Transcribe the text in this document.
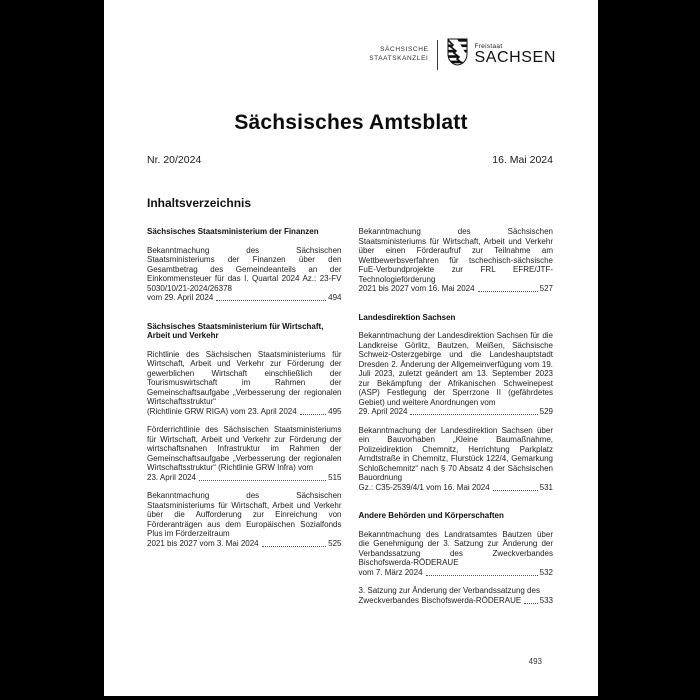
SÄCHSISCHE
STAATSKANZLEI
Freistaat
SACHSEN
Sächsisches Amtsblatt
Nr. 20/2024	16. Mai 2024
Inhaltsverzeichnis
Sächsisches Staatsministerium der Finanzen
Bekanntmachung des Sächsischen Staatsministeriums der Finanzen über den Gesamtbetrag des Gemeindeanteils an der Einkommensteuer für das I. Quartal 2024 Az.: 23-FV 5030/10/21-2024/26378
vom 29. April 2024	494
Sächsisches Staatsministerium für Wirtschaft, Arbeit und Verkehr
Richtlinie des Sächsischen Staatsministeriums für Wirtschaft, Arbeit und Verkehr zur Förderung der gewerblichen Wirtschaft einschließlich der Tourismuswirtschaft im Rahmen der Gemeinschaftsaufgabe „Verbesserung der regionalen Wirtschaftsstruktur“
(Richtlinie GRW RIGA) vom 23. April 2024	495
Förderrichtlinie des Sächsischen Staatsministeriums für Wirtschaft, Arbeit und Verkehr zur Förderung der wirtschaftsnahen Infrastruktur im Rahmen der Gemeinschaftsaufgabe „Verbesserung der regionalen Wirtschaftsstruktur“ (Richtlinie GRW Infra) vom
23. April 2024	515
Bekanntmachung des Sächsischen Staatsministeriums für Wirtschaft, Arbeit und Verkehr über die Aufforderung zur Einreichung von Förderanträgen aus dem Europäischen Sozialfonds Plus im Förderzeitraum
2021 bis 2027 vom 3. Mai 2024	525
Bekanntmachung des Sächsischen Staatsministeriums für Wirtschaft, Arbeit und Verkehr über einen Förderaufruf zur Teilnahme am Wettbewerbsverfahren für tschechisch-sächsische FuE-Verbundprojekte zur FRL EFRE/JTF-Technologieförderung
2021 bis 2027 vom 16. Mai 2024	527
Landesdirektion Sachsen
Bekanntmachung der Landesdirektion Sachsen für die Landkreise Görlitz, Bautzen, Meißen, Sächsische Schweiz-Osterzgebirge und die Landeshauptstadt Dresden 2. Änderung der Allgemeinverfügung vom 19. Juli 2023, zuletzt geändert am 13. September 2023 zur Bekämpfung der Afrikanischen Schweinepest (ASP) Festlegung der Sperrzone II (gefährdetes Gebiet) und weitere Anordnungen vom
29. April 2024	529
Bekanntmachung der Landesdirektion Sachsen über ein Bauvorhaben „Kleine Baumaßnahme, Polizeidirektion Chemnitz, Herrichtung Parkplatz Arndtstraße in Chemnitz, Flurstück 122/4, Gemarkung Schloßchemnitz“ nach § 70 Absatz 4 der Sächsischen Bauordnung
Gz.: C35-2539/4/1 vom 16. Mai 2024	531
Andere Behörden und Körperschaften
Bekanntmachung des Landratsamtes Bautzen über die Genehmigung der 3. Satzung zur Änderung der Verbandssatzung des Zweckverbandes Bischofswerda-RÖDERAUE
vom 7. März 2024	532
3. Satzung zur Änderung der Verbandssatzung des
Zweckverbandes Bischofswerda-RÖDERAUE 533
493
